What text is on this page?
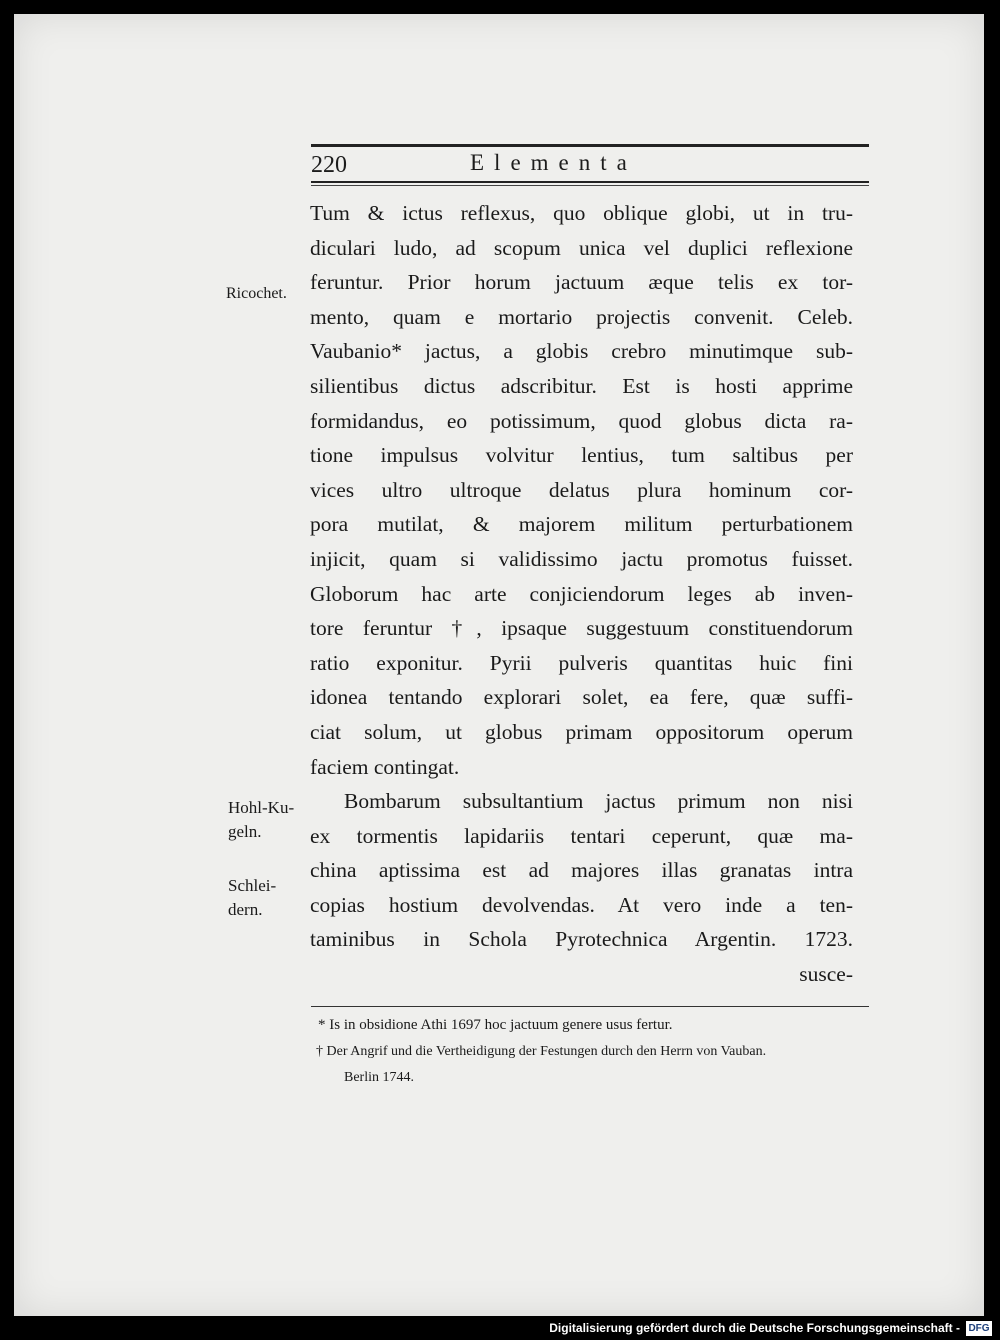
220	Elementa
Ricochet.
Hohl-Ku-
geln.
Schlei-
dern.
Tum & ictus reflexus, quo oblique globi, ut in tru-
diculari ludo, ad scopum unica vel duplici reflexione
feruntur. Prior horum jactuum æque telis ex tor-
mento, quam e mortario projectis convenit. Celeb.
Vaubanio* jactus, a globis crebro minutimque sub-
silientibus dictus adscribitur. Est is hosti apprime
formidandus, eo potissimum, quod globus dicta ra-
tione impulsus volvitur lentius, tum saltibus per
vices ultro ultroque delatus plura hominum cor-
pora mutilat, & majorem militum perturbationem
injicit, quam si validissimo jactu promotus fuisset.
Globorum hac arte conjiciendorum leges ab inven-
tore feruntur †, ipsaque suggestuum constituendorum
ratio exponitur. Pyrii pulveris quantitas huic fini
idonea tentando explorari solet, ea fere, quæ suffi-
ciat solum, ut globus primam oppositorum operum
faciem contingat.
Bombarum subsultantium jactus primum non nisi
ex tormentis lapidariis tentari ceperunt, quæ ma-
china aptissima est ad majores illas granatas intra
copias hostium devolvendas. At vero inde a ten-
taminibus in Schola Pyrotechnica Argentin. 1723.
susce-
* Is in obsidione Athi 1697 hoc jactuum genere usus fertur.
† Der Angrif und die Vertheidigung der Festungen durch den Herrn von Vauban.
Berlin 1744.
Digitalisierung gefördert durch die Deutsche Forschungsgemeinschaft - DFG
